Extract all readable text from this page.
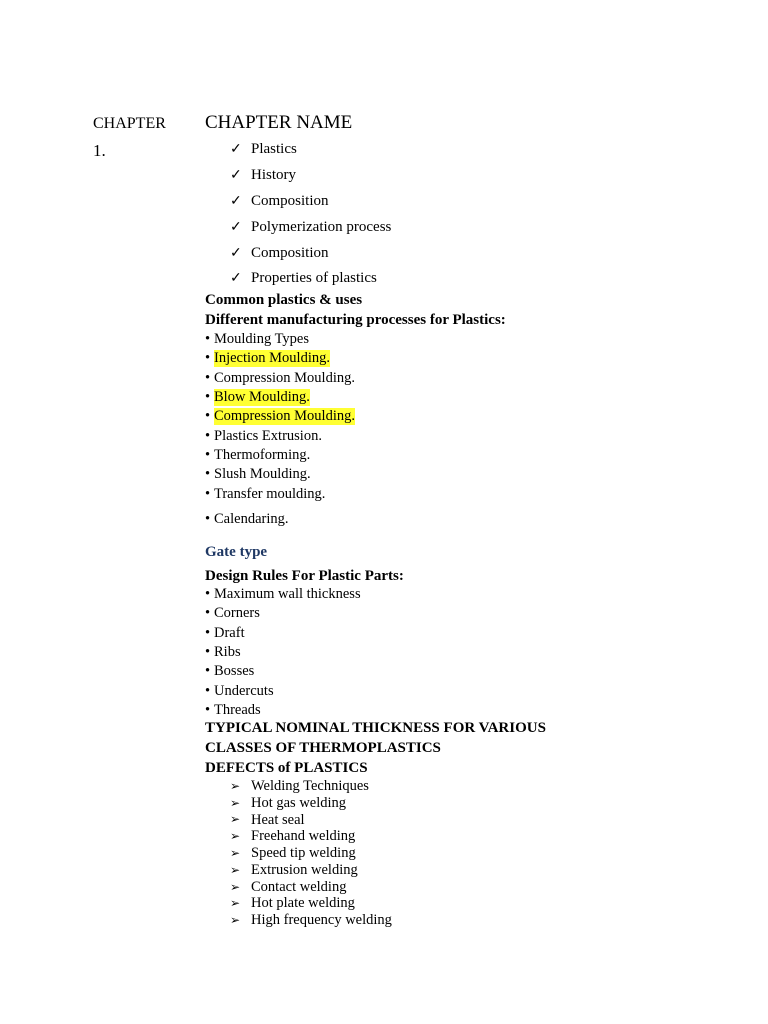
CHAPTER
1.
CHAPTER NAME
✓ Plastics
✓ History
✓ Composition
✓ Polymerization process
✓ Composition
✓ Properties of plastics
Common plastics & uses
Different manufacturing processes for Plastics:
• Moulding Types
• Injection Moulding.
• Compression Moulding.
• Blow Moulding.
• Compression Moulding.
• Plastics Extrusion.
• Thermoforming.
• Slush Moulding.
• Transfer moulding.
• Calendaring.
Gate type
Design Rules For Plastic Parts:
• Maximum wall thickness
• Corners
• Draft
• Ribs
• Bosses
• Undercuts
• Threads
TYPICAL NOMINAL THICKNESS FOR VARIOUS
CLASSES OF THERMOPLASTICS
DEFECTS of PLASTICS
➢ Welding Techniques
➢ Hot gas welding
➢ Heat seal
➢ Freehand welding
➢ Speed tip welding
➢ Extrusion welding
➢ Contact welding
➢ Hot plate welding
➢ High frequency welding
